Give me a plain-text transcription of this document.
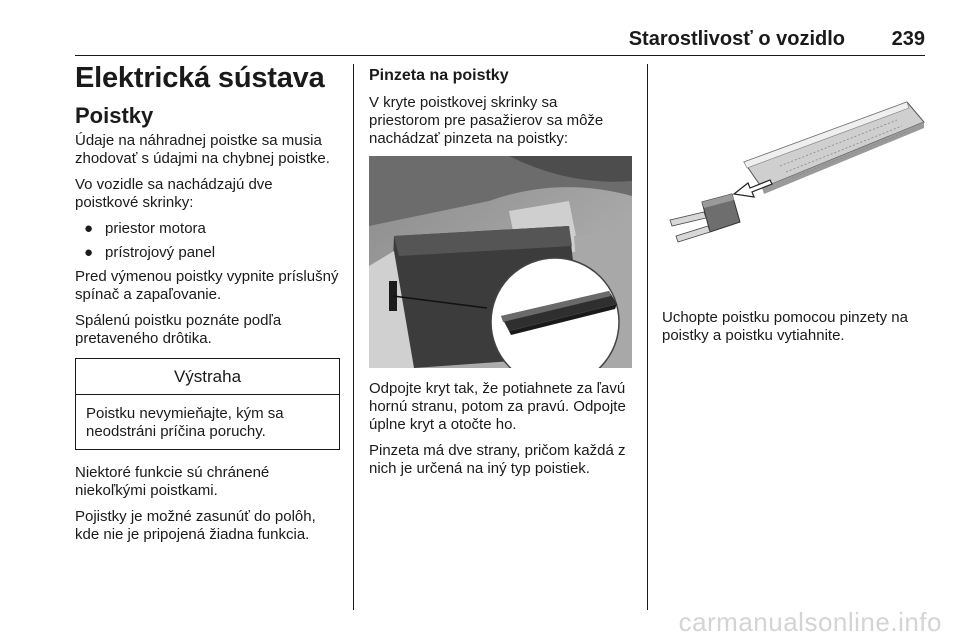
Starostlivosť o vozidlo 239
Elektrická sústava
Poistky

Údaje na náhradnej poistke sa musia zhodovať s údajmi na chybnej poistke.

Vo vozidle sa nachádzajú dve poistkové skrinky:

● priestor motora
● prístrojový panel

Pred výmenou poistky vypnite príslušný spínač a zapaľovanie.

Spálenú poistku poznáte podľa pretaveného drôtika.

Výstraha

Poistku nevymieňajte, kým sa neodstráni príčina poruchy.

Niektoré funkcie sú chránené niekoľkými poistkami.

Pojistky je možné zasunúť do polôh, kde nie je pripojená žiadna funkcia.

Pinzeta na poistky

V kryte poistkovej skrinky sa priestorom pre pasažierov sa môže nachádzať pinzeta na poistky:

Odpojte kryt tak, že potiahnete za ľavú hornú stranu, potom za pravú. Odpojte úplne kryt a otočte ho.

Pinzeta má dve strany, pričom každá z nich je určená na iný typ poistiek.

Uchopte poistku pomocou pinzety na poistky a poistku vytiahnite.

carmanualsonline.info
